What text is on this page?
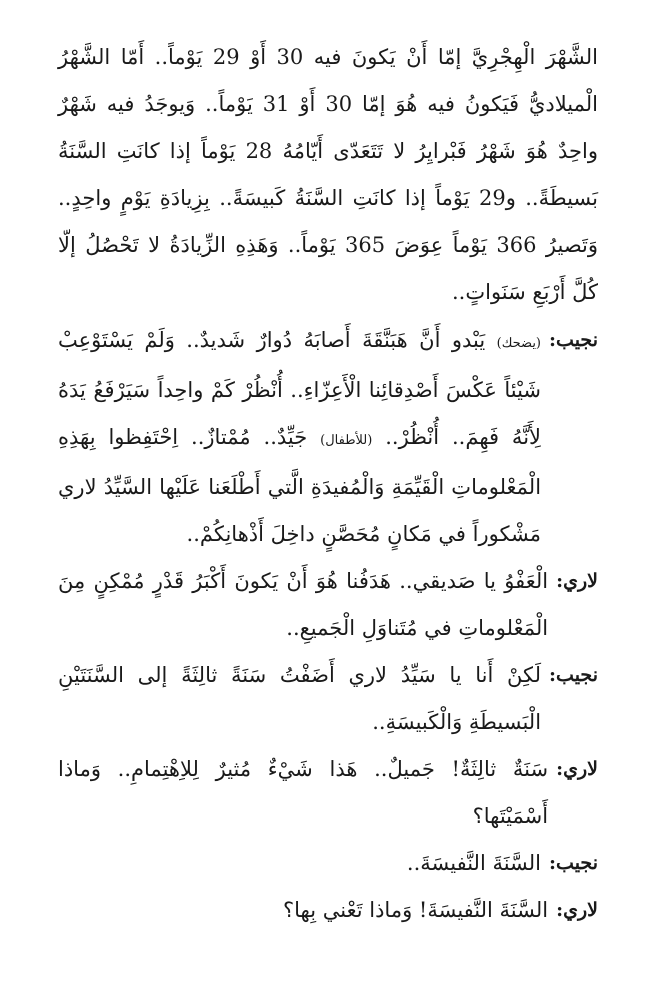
الشَّهْرَ الْهِجْرِيَّ إمّا أَنْ يَكونَ فيه 30 أَوْ 29 يَوْماً.. أَمّا الشَّهْرُ الْميلاديُّ فَيَكونُ فيه هُوَ إمّا 30 أَوْ 31 يَوْماً.. وَيوجَدُ فيه شَهْرٌ واحِدٌ هُوَ شَهْرُ فَبْرايِرُ لا تَتَعَدّى أَيّامُهُ 28 يَوْماً إذا كانَتِ السَّنَةُ بَسيطَةً.. و29 يَوْماً إذا كانَتِ السَّنَةُ كَبيسَةً.. بِزِيادَةِ يَوْمٍ واحِدٍ.. وَتَصيرُ 366 يَوْماً عِوَضَ 365 يَوْماً.. وَهَذِهِ الزِّيادَةُ لا تَحْصُلُ إلّا كُلَّ أَرْبَعِ سَنَواتٍ..

نجيب:

(يضحك) يَبْدو أَنَّ هَبَنَّقَةَ أَصابَهُ دُوارٌ شَديدٌ.. وَلَمْ يَسْتَوْعِبْ شَيْئاً عَكْسَ أَصْدِقائِنا الْأَعِزّاءِ.. أُنْظُرْ كَمْ واحِداً سَيَرْفَعُ يَدَهُ لِأَنَّهُ فَهِمَ.. أُنْظُرْ.. (للأطفال) جَيِّدٌ.. مُمْتازٌ.. اِحْتَفِظوا بِهَذِهِ الْمَعْلوماتِ الْقَيِّمَةِ وَالْمُفيدَةِ الَّتي أَطْلَعَنا عَلَيْها السَّيِّدُ لاري مَشْكوراً في مَكانٍ مُحَصَّنٍ داخِلَ أَذْهانِكُمْ..

لاري:

الْعَفْوُ يا صَديقي.. هَدَفُنا هُوَ أَنْ يَكونَ أَكْبَرُ قَدْرٍ مُمْكِنٍ مِنَ الْمَعْلوماتِ في مُتَناوَلِ الْجَميعِ..

نجيب:

لَكِنْ أَنا يا سَيِّدُ لاري أَضَفْتُ سَنَةً ثالِثَةً إلى السَّنَتَيْنِ الْبَسيطَةِ وَالْكَبيسَةِ..

لاري:

سَنَةٌ ثالِثَةٌ! جَميلٌ.. هَذا شَيْءٌ مُثيرٌ لِلاِهْتِمامِ.. وَماذا أَسْمَيْتَها؟

نجيب:

السَّنَةَ النَّفيسَةَ..

لاري:

السَّنَةَ النَّفيسَةَ! وَماذا تَعْني بِها؟
